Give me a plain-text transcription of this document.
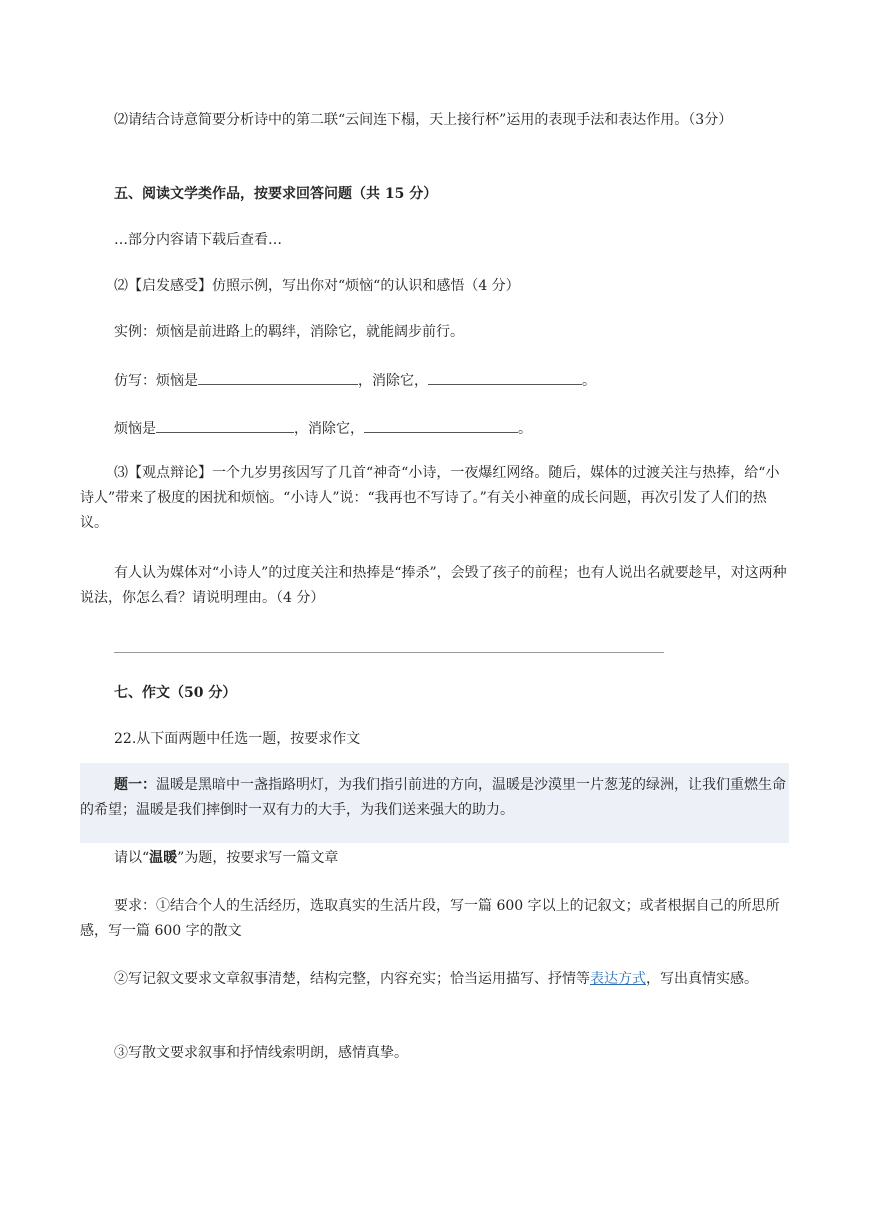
⑵请结合诗意简要分析诗中的第二联“云间连下榻，天上接行杯”运用的表现手法和表达作用。（3分）

五、阅读文学类作品，按要求回答问题（共 15 分）

…部分内容请下载后查看…

⑵【启发感受】仿照示例，写出你对“烦恼“的认识和感悟（4 分）

实例：烦恼是前进路上的羁绊，消除它，就能阔步前行。

仿写：烦恼是	，消除它，	。

烦恼是	，消除它，	。

⑶【观点辩论】一个九岁男孩因写了几首“神奇“小诗，一夜爆红网络。随后，媒体的过渡关注与热捧，给“小诗人”带来了极度的困扰和烦恼。“小诗人”说：“我再也不写诗了。”有关小神童的成长问题，再次引发了人们的热议。

有人认为媒体对“小诗人”的过度关注和热捧是“捧杀”，会毁了孩子的前程；也有人说出名就要趁早，对这两种说法，你怎么看？请说明理由。（4 分）

七、作文（50 分）

22.从下面两题中任选一题，按要求作文

题一：温暖是黑暗中一盏指路明灯，为我们指引前进的方向，温暖是沙漠里一片葱茏的绿洲，让我们重燃生命的希望；温暖是我们摔倒时一双有力的大手，为我们送来强大的助力。

请以“温暖”为题，按要求写一篇文章

要求：①结合个人的生活经历，选取真实的生活片段，写一篇 600 字以上的记叙文；或者根据自己的所思所感，写一篇 600 字的散文

②写记叙文要求文章叙事清楚，结构完整，内容充实；恰当运用描写、抒情等表达方式，写出真情实感。

③写散文要求叙事和抒情线索明朗，感情真挚。
